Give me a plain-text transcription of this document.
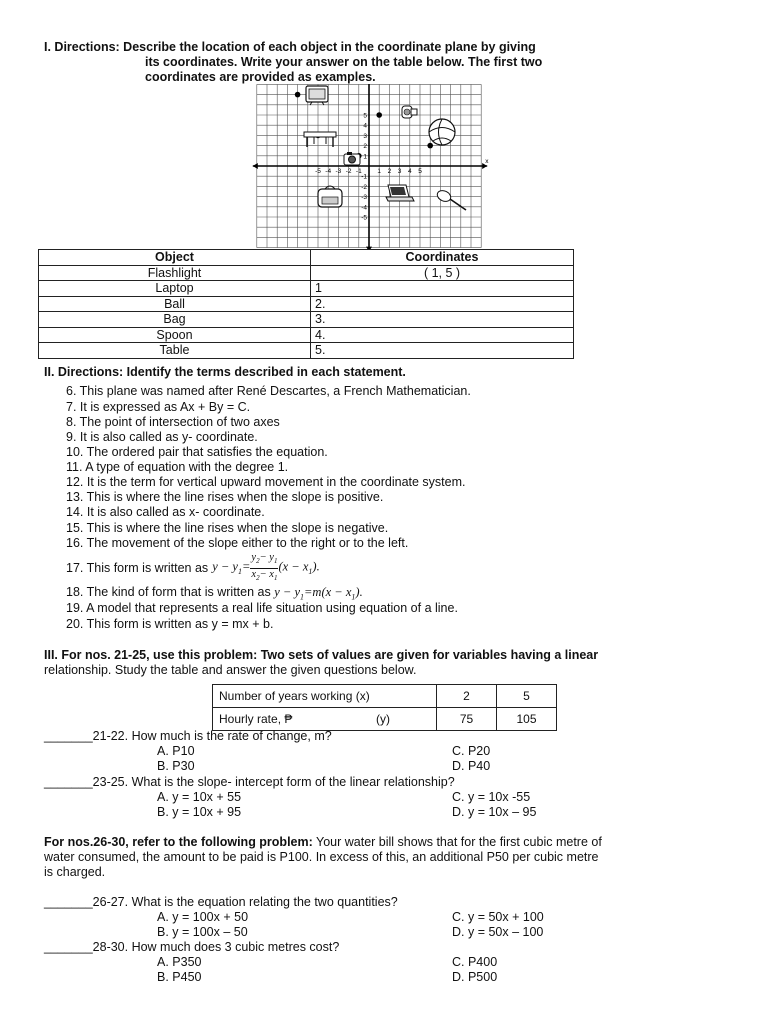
I. Directions: Describe the location of each object in the coordinate plane by giving
its coordinates. Write your answer on the table below. The first two
coordinates are provided as examples.
-5 -4 -3 -2 -1 1 2 3 4 5
5
4
3
2
1
-1
-2
-3
-4
-5
x
Object	Coordinates
Flashlight	( 1, 5 )
Laptop	1
Ball	2.
Bag	3.
Spoon	4.
Table	5.
II. Directions: Identify the terms described in each statement.
6. This plane was named after René Descartes, a French Mathematician.
7. It is expressed as Ax + By = C.
8. The point of intersection of two axes
9. It is also called as y- coordinate.
10. The ordered pair that satisfies the equation.
11. A type of equation with the degree 1.
12. It is the term for vertical upward movement in the coordinate system.
13. This is where the line rises when the slope is positive.
14. It is also called as x- coordinate.
15. This is where the line rises when the slope is negative.
16. The movement of the slope either to the right or to the left.
17. This form is written as $y - y_1= \frac{y_2- y_1}{x_2- x_1} (x - x_1)$.
18. The kind of form that is written as $y - y_1=m(x - x_1)$.
19. A model that represents a real life situation using equation of a line.
20. This form is written as y = mx + b.
III. For nos. 21-25, use this problem: Two sets of values are given for variables having a linear
relationship. Study the table and answer the given questions below.
Number of years working (x)	2	5
Hourly rate, ₱ (y)	75	105
_______21-22. How much is the rate of change, m?
A. P10	C. P20
B. P30	D. P40
_______23-25. What is the slope- intercept form of the linear relationship?
A. y = 10x + 55	C. y = 10x -55
B. y = 10x + 95	D. y = 10x – 95
For nos.26-30, refer to the following problem: Your water bill shows that for the first cubic metre of
water consumed, the amount to be paid is P100. In excess of this, an additional P50 per cubic metre
is charged.
_______26-27. What is the equation relating the two quantities?
A. y = 100x + 50	C. y = 50x + 100
B. y = 100x – 50	D. y = 50x – 100
_______28-30. How much does 3 cubic metres cost?
A. P350	C. P400
B. P450	D. P500
